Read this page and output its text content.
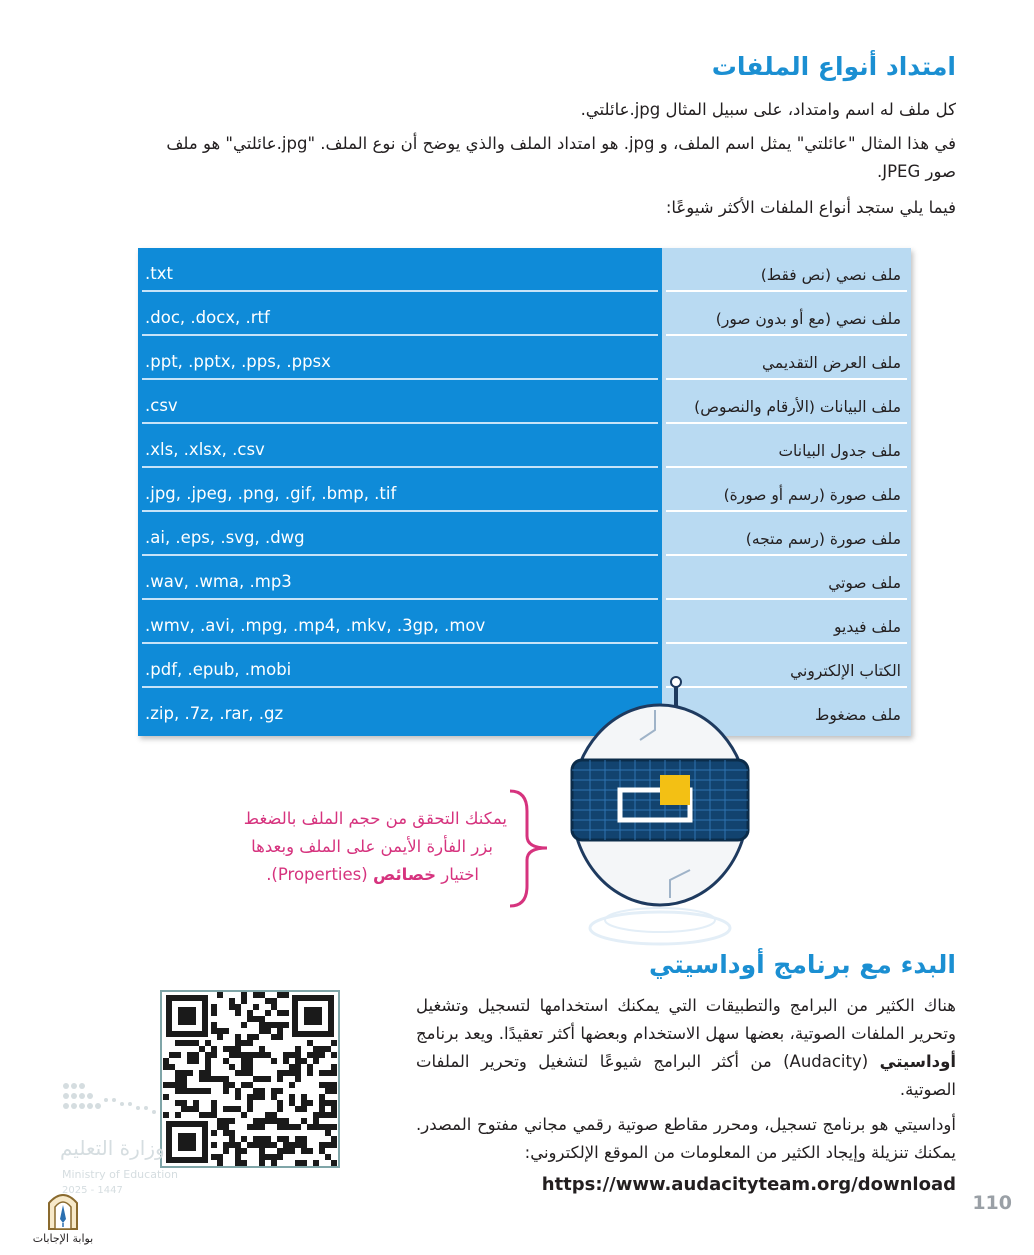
امتداد أنواع الملفات
كل ملف له اسم وامتداد، على سبيل المثال jpg.عائلتي.
في هذا المثال "عائلتي" يمثل اسم الملف، و jpg. هو امتداد الملف والذي يوضح أن نوع الملف. "jpg.عائلتي" هو ملف صور JPEG.
فيما يلي ستجد أنواع الملفات الأكثر شيوعًا:
.txt	ملف نصي (نص فقط)
.doc, .docx, .rtf	ملف نصي (مع أو بدون صور)
.ppt, .pptx, .pps, .ppsx	ملف العرض التقديمي
.csv	ملف البيانات (الأرقام والنصوص)
.xls, .xlsx, .csv	ملف جدول البيانات
.jpg, .jpeg, .png, .gif, .bmp, .tif	ملف صورة (رسم أو صورة)
.ai, .eps, .svg, .dwg	ملف صورة (رسم متجه)
.wav, .wma, .mp3	ملف صوتي
.wmv, .avi, .mpg, .mp4, .mkv, .3gp, .mov	ملف فيديو
.pdf, .epub, .mobi	الكتاب الإلكتروني
.zip, .7z, .rar, .gz	ملف مضغوط
يمكنك التحقق من حجم الملف بالضغط
بزر الفأرة الأيمن على الملف وبعدها
اختيار خصائص (Properties).
البدء مع برنامج أوداسيتي
هناك الكثير من البرامج والتطبيقات التي يمكنك استخدامها لتسجيل وتشغيل وتحرير الملفات الصوتية، بعضها سهل الاستخدام وبعضها أكثر تعقيدًا. ويعد برنامج أوداسيتي (Audacity) من أكثر البرامج شيوعًا لتشغيل وتحرير الملفات الصوتية.
أوداسيتي هو برنامج تسجيل، ومحرر مقاطع صوتية رقمي مجاني مفتوح المصدر. يمكنك تنزيلة وإيجاد الكثير من المعلومات من الموقع الإلكتروني:
https://www.audacityteam.org/download
110
وزارة التعليم
Ministry of Education
2025 - 1447
بوابة الإجابات
